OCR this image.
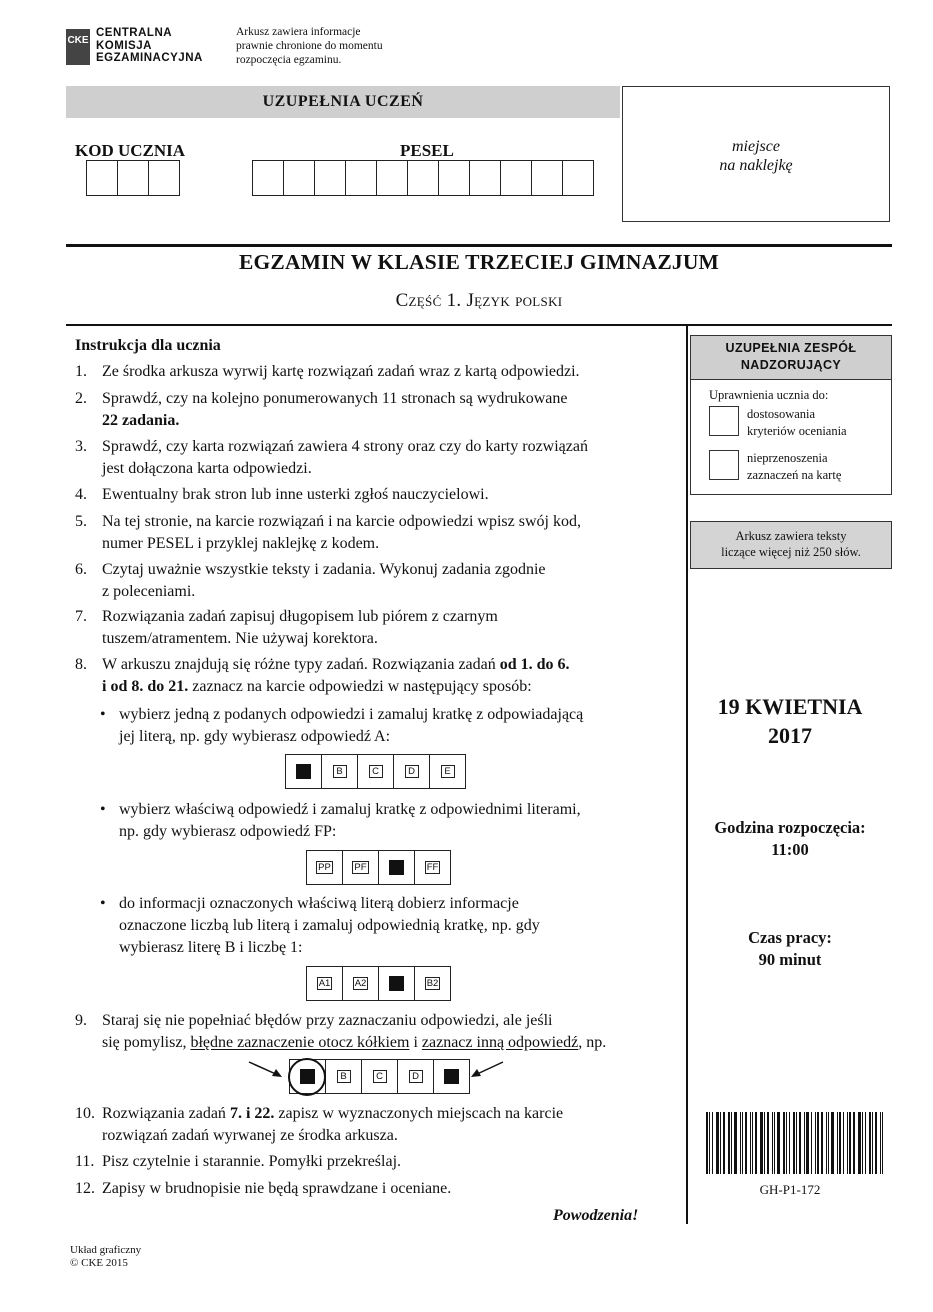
CKE
CENTRALNA
KOMISJA
EGZAMINACYJNA
Arkusz zawiera informacje
prawnie chronione do momentu
rozpoczęcia egzaminu.
UZUPEŁNIA UCZEŃ
KOD UCZNIA	PESEL	miejsce
na naklejkę
EGZAMIN W KLASIE TRZECIEJ GIMNAZJUM
Część 1. Język polski
UZUPEŁNIA ZESPÓŁ
NADZORUJĄCY
Uprawnienia ucznia do:
dostosowania
kryteriów oceniania
nieprzenoszenia
zaznaczeń na kartę
Arkusz zawiera teksty
liczące więcej niż 250 słów.
19 KWIETNIA
2017
Godzina rozpoczęcia:
11:00
Czas pracy:
90 minut
GH-P1-172
Instrukcja dla ucznia
1. Ze środka arkusza wyrwij kartę rozwiązań zadań wraz z kartą odpowiedzi.
2. Sprawdź, czy na kolejno ponumerowanych 11 stronach są wydrukowane
22 zadania.
3. Sprawdź, czy karta rozwiązań zawiera 4 strony oraz czy do karty rozwiązań
jest dołączona karta odpowiedzi.
4. Ewentualny brak stron lub inne usterki zgłoś nauczycielowi.
5. Na tej stronie, na karcie rozwiązań i na karcie odpowiedzi wpisz swój kod,
numer PESEL i przyklej naklejkę z kodem.
6. Czytaj uważnie wszystkie teksty i zadania. Wykonuj zadania zgodnie
z poleceniami.
7. Rozwiązania zadań zapisuj długopisem lub piórem z czarnym
tuszem/atramentem. Nie używaj korektora.
8. W arkuszu znajdują się różne typy zadań. Rozwiązania zadań od 1. do 6.
i od 8. do 21. zaznacz na karcie odpowiedzi w następujący sposób:
• wybierz jedną z podanych odpowiedzi i zamaluj kratkę z odpowiadającą
jej literą, np. gdy wybierasz odpowiedź A:
B	C	D	E
• wybierz właściwą odpowiedź i zamaluj kratkę z odpowiednimi literami,
np. gdy wybierasz odpowiedź FP:
PP PF	FF
• do informacji oznaczonych właściwą literą dobierz informacje
oznaczone liczbą lub literą i zamaluj odpowiednią kratkę, np. gdy
wybierasz literę B i liczbę 1:
A1	A2	B2
9. Staraj się nie popełniać błędów przy zaznaczaniu odpowiedzi, ale jeśli
się pomylisz, błędne zaznaczenie otocz kółkiem i zaznacz inną odpowiedź, np.
B	C	D
10. Rozwiązania zadań 7. i 22. zapisz w wyznaczonych miejscach na karcie
rozwiązań zadań wyrwanej ze środka arkusza.
11. Pisz czytelnie i starannie. Pomyłki przekreślaj.
12. Zapisy w brudnopisie nie będą sprawdzane i oceniane.
Powodzenia!
Układ graficzny
© CKE 2015
